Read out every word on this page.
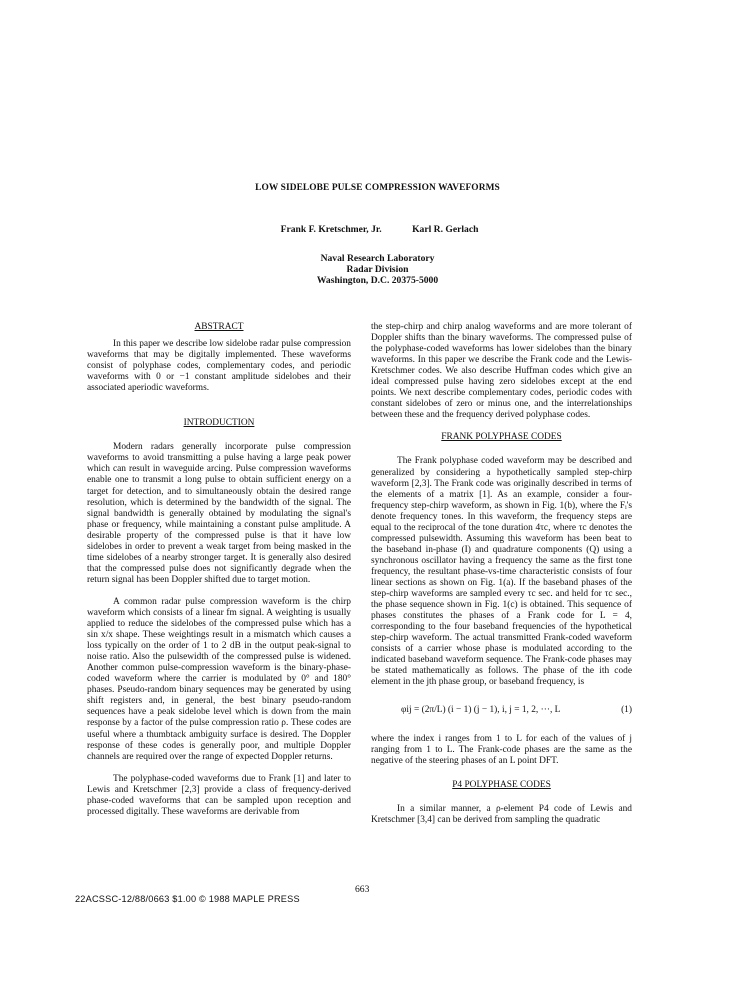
LOW SIDELOBE PULSE COMPRESSION WAVEFORMS
Frank F. Kretschmer, Jr.	Karl R. Gerlach
Naval Research Laboratory
Radar Division
Washington, D.C. 20375-5000
ABSTRACT

In this paper we describe low sidelobe radar pulse compression waveforms that may be digitally implemented. These waveforms consist of polyphase codes, complementary codes, and periodic waveforms with 0 or −1 constant amplitude sidelobes and their associated aperiodic waveforms.

INTRODUCTION

Modern radars generally incorporate pulse compression waveforms to avoid transmitting a pulse having a large peak power which can result in waveguide arcing. Pulse compression waveforms enable one to transmit a long pulse to obtain sufficient energy on a target for detection, and to simultaneously obtain the desired range resolution, which is determined by the bandwidth of the signal. The signal bandwidth is generally obtained by modulating the signal's phase or frequency, while maintaining a constant pulse amplitude. A desirable property of the compressed pulse is that it have low sidelobes in order to prevent a weak target from being masked in the time sidelobes of a nearby stronger target. It is generally also desired that the compressed pulse does not significantly degrade when the return signal has been Doppler shifted due to target motion.

A common radar pulse compression waveform is the chirp waveform which consists of a linear fm signal. A weighting is usually applied to reduce the sidelobes of the compressed pulse which has a sin x/x shape. These weightings result in a mismatch which causes a loss typically on the order of 1 to 2 dB in the output peak-signal to noise ratio. Also the pulsewidth of the compressed pulse is widened. Another common pulse-compression waveform is the binary-phase-coded waveform where the carrier is modulated by 0° and 180° phases. Pseudo-random binary sequences may be generated by using shift registers and, in general, the best binary pseudo-random sequences have a peak sidelobe level which is down from the main response by a factor of the pulse compression ratio ρ. These codes are useful where a thumbtack ambiguity surface is desired. The Doppler response of these codes is generally poor, and multiple Doppler channels are required over the range of expected Doppler returns.

The polyphase-coded waveforms due to Frank [1] and later to Lewis and Kretschmer [2,3] provide a class of frequency-derived phase-coded waveforms that can be sampled upon reception and processed digitally. These waveforms are derivable from

the step-chirp and chirp analog waveforms and are more tolerant of Doppler shifts than the binary waveforms. The compressed pulse of the polyphase-coded waveforms has lower sidelobes than the binary waveforms. In this paper we describe the Frank code and the Lewis-Kretschmer codes. We also describe Huffman codes which give an ideal compressed pulse having zero sidelobes except at the end points. We next describe complementary codes, periodic codes with constant sidelobes of zero or minus one, and the interrelationships between these and the frequency derived polyphase codes.

FRANK POLYPHASE CODES

The Frank polyphase coded waveform may be described and generalized by considering a hypothetically sampled step-chirp waveform [2,3]. The Frank code was originally described in terms of the elements of a matrix [1]. As an example, consider a four-frequency step-chirp waveform, as shown in Fig. 1(b), where the Fᵢ's denote frequency tones. In this waveform, the frequency steps are equal to the reciprocal of the tone duration 4τc, where τc denotes the compressed pulsewidth. Assuming this waveform has been beat to the baseband in-phase (I) and quadrature components (Q) using a synchronous oscillator having a frequency the same as the first tone frequency, the resultant phase-vs-time characteristic consists of four linear sections as shown on Fig. 1(a). If the baseband phases of the step-chirp waveforms are sampled every τc sec. and held for τc sec., the phase sequence shown in Fig. 1(c) is obtained. This sequence of phases constitutes the phases of a Frank code for L = 4, corresponding to the four baseband frequencies of the hypothetical step-chirp waveform. The actual transmitted Frank-coded waveform consists of a carrier whose phase is modulated according to the indicated baseband waveform sequence. The Frank-code phases may be stated mathematically as follows. The phase of the ith code element in the jth phase group, or baseband frequency, is

φij = (2π/L) (i − 1) (j − 1), i, j = 1, 2, ···, L	(1)

where the index i ranges from 1 to L for each of the values of j ranging from 1 to L. The Frank-code phases are the same as the negative of the steering phases of an L point DFT.

P4 POLYPHASE CODES

In a similar manner, a ρ-element P4 code of Lewis and Kretschmer [3,4] can be derived from sampling the quadratic

663
22ACSSC-12/88/0663 $1.00 © 1988 MAPLE PRESS
